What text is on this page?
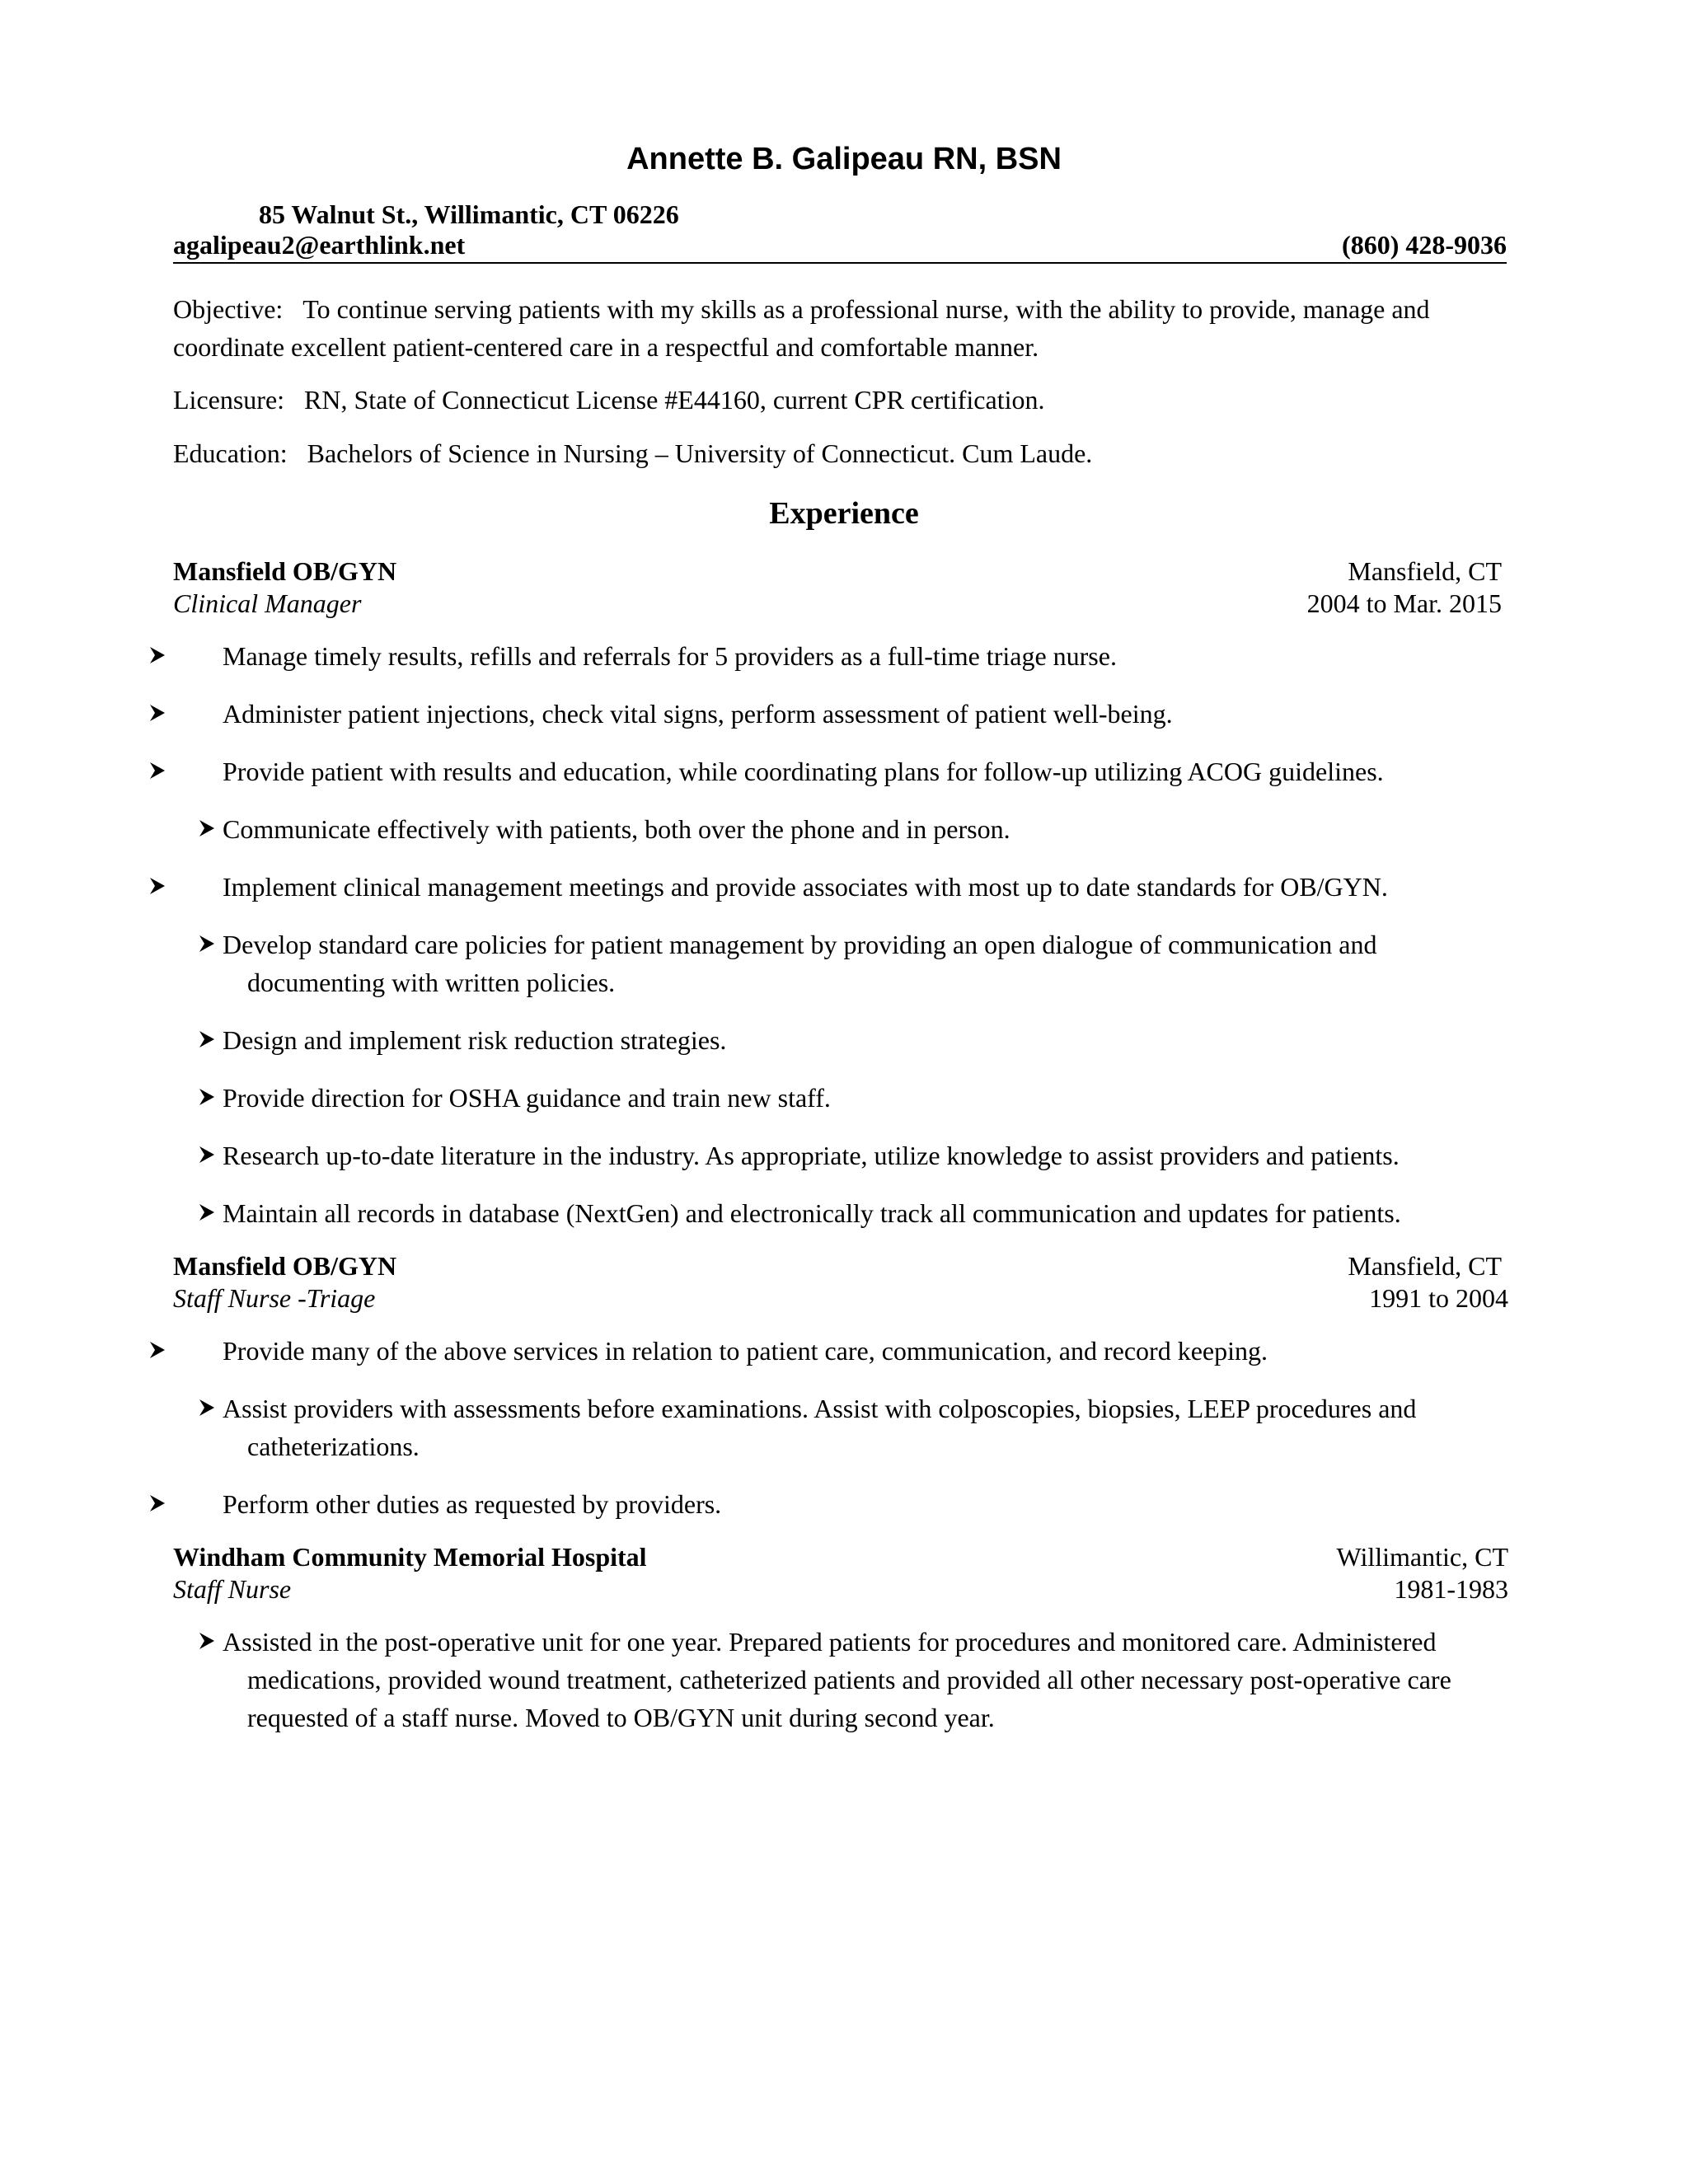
Annette B. Galipeau RN, BSN
85 Walnut St., Willimantic, CT 06226
agalipeau2@earthlink.net	(860) 428-9036
Objective: To continue serving patients with my skills as a professional nurse, with the ability to provide, manage and coordinate excellent patient-centered care in a respectful and comfortable manner.
Licensure: RN, State of Connecticut License #E44160, current CPR certification.
Education: Bachelors of Science in Nursing – University of Connecticut. Cum Laude.
Experience
Mansfield OB/GYN	Mansfield, CT
Clinical Manager	2004 to Mar. 2015
Manage timely results, refills and referrals for 5 providers as a full-time triage nurse.
Administer patient injections, check vital signs, perform assessment of patient well-being.
Provide patient with results and education, while coordinating plans for follow-up utilizing ACOG guidelines.
Communicate effectively with patients, both over the phone and in person.
Implement clinical management meetings and provide associates with most up to date standards for OB/GYN.
Develop standard care policies for patient management by providing an open dialogue of communication and documenting with written policies.
Design and implement risk reduction strategies.
Provide direction for OSHA guidance and train new staff.
Research up-to-date literature in the industry. As appropriate, utilize knowledge to assist providers and patients.
Maintain all records in database (NextGen) and electronically track all communication and updates for patients.
Mansfield OB/GYN	Mansfield, CT
Staff Nurse -Triage	1991 to 2004
Provide many of the above services in relation to patient care, communication, and record keeping.
Assist providers with assessments before examinations. Assist with colposcopies, biopsies, LEEP procedures and catheterizations.
Perform other duties as requested by providers.
Windham Community Memorial Hospital	Willimantic, CT
Staff Nurse	1981-1983
Assisted in the post-operative unit for one year. Prepared patients for procedures and monitored care. Administered medications, provided wound treatment, catheterized patients and provided all other necessary post-operative care requested of a staff nurse. Moved to OB/GYN unit during second year.
